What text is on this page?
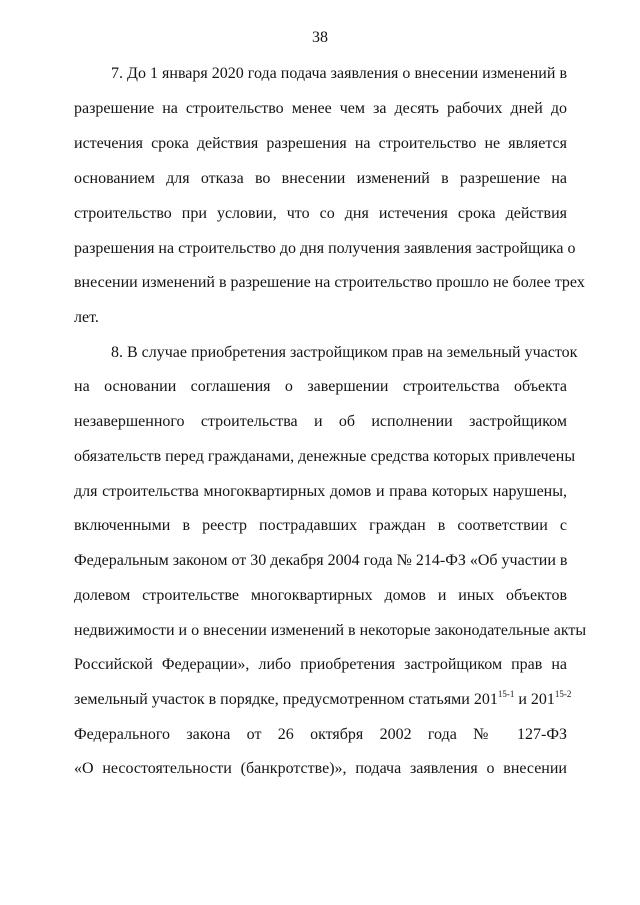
38
7. До 1 января 2020 года подача заявления о внесении изменений в
разрешение на строительство менее чем за десять рабочих дней до
истечения срока действия разрешения на строительство не является
основанием для отказа во внесении изменений в разрешение на
строительство при условии, что со дня истечения срока действия
разрешения на строительство до дня получения заявления застройщика о
внесении изменений в разрешение на строительство прошло не более трех
лет.
8. В случае приобретения застройщиком прав на земельный участок
на основании соглашения о завершении строительства объекта
незавершенного строительства и об исполнении застройщиком
обязательств перед гражданами, денежные средства которых привлечены
для строительства многоквартирных домов и права которых нарушены,
включенными в реестр пострадавших граждан в соответствии с
Федеральным законом от 30 декабря 2004 года № 214-ФЗ «Об участии в
долевом строительстве многоквартирных домов и иных объектов
недвижимости и о внесении изменений в некоторые законодательные акты
Российской Федерации», либо приобретения застройщиком прав на
земельный участок в порядке, предусмотренном статьями 201$^{15-1}$ и 201$^{15-2}$
Федерального закона от 26 октября 2002 года № 127-ФЗ
«О несостоятельности (банкротстве)», подача заявления о внесении
